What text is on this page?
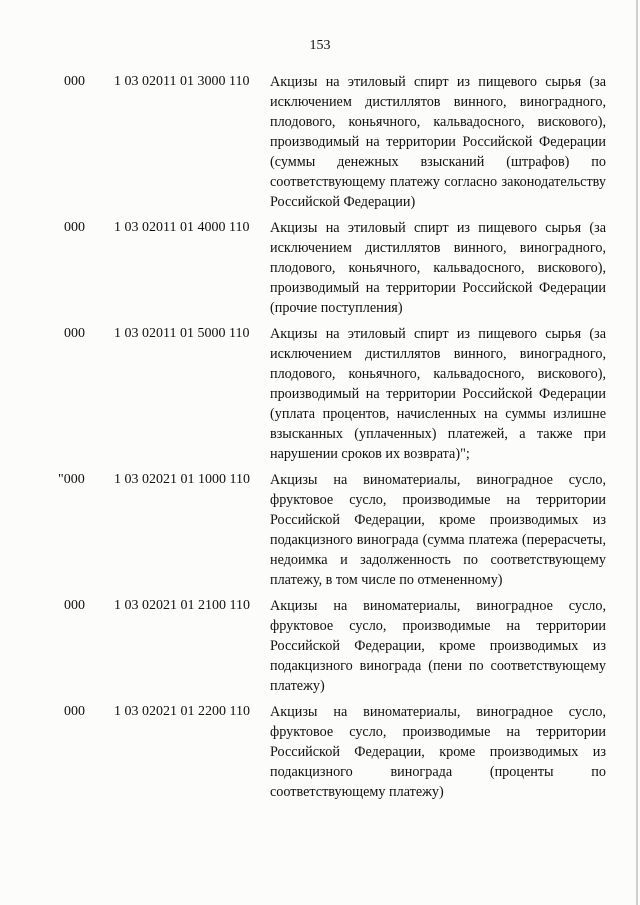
153
000 1 03 02011 01 3000 110 Акцизы на этиловый спирт из пищевого сырья (за исключением дистиллятов винного, виноградного, плодового, коньячного, кальвадосного, вискового), производимый на территории Российской Федерации (суммы денежных взысканий (штрафов) по соответствующему платежу согласно законодательству Российской Федерации)
000 1 03 02011 01 4000 110 Акцизы на этиловый спирт из пищевого сырья (за исключением дистиллятов винного, виноградного, плодового, коньячного, кальвадосного, вискового), производимый на территории Российской Федерации (прочие поступления)
000 1 03 02011 01 5000 110 Акцизы на этиловый спирт из пищевого сырья (за исключением дистиллятов винного, виноградного, плодового, коньячного, кальвадосного, вискового), производимый на территории Российской Федерации (уплата процентов, начисленных на суммы излишне взысканных (уплаченных) платежей, а также при нарушении сроков их возврата)";
"000 1 03 02021 01 1000 110 Акцизы на виноматериалы, виноградное сусло, фруктовое сусло, производимые на территории Российской Федерации, кроме производимых из подакцизного винограда (сумма платежа (перерасчеты, недоимка и задолженность по соответствующему платежу, в том числе по отмененному)
000 1 03 02021 01 2100 110 Акцизы на виноматериалы, виноградное сусло, фруктовое сусло, производимые на территории Российской Федерации, кроме производимых из подакцизного винограда (пени по соответствующему платежу)
000 1 03 02021 01 2200 110 Акцизы на виноматериалы, виноградное сусло, фруктовое сусло, производимые на территории Российской Федерации, кроме производимых из подакцизного винограда (проценты по соответствующему платежу)
